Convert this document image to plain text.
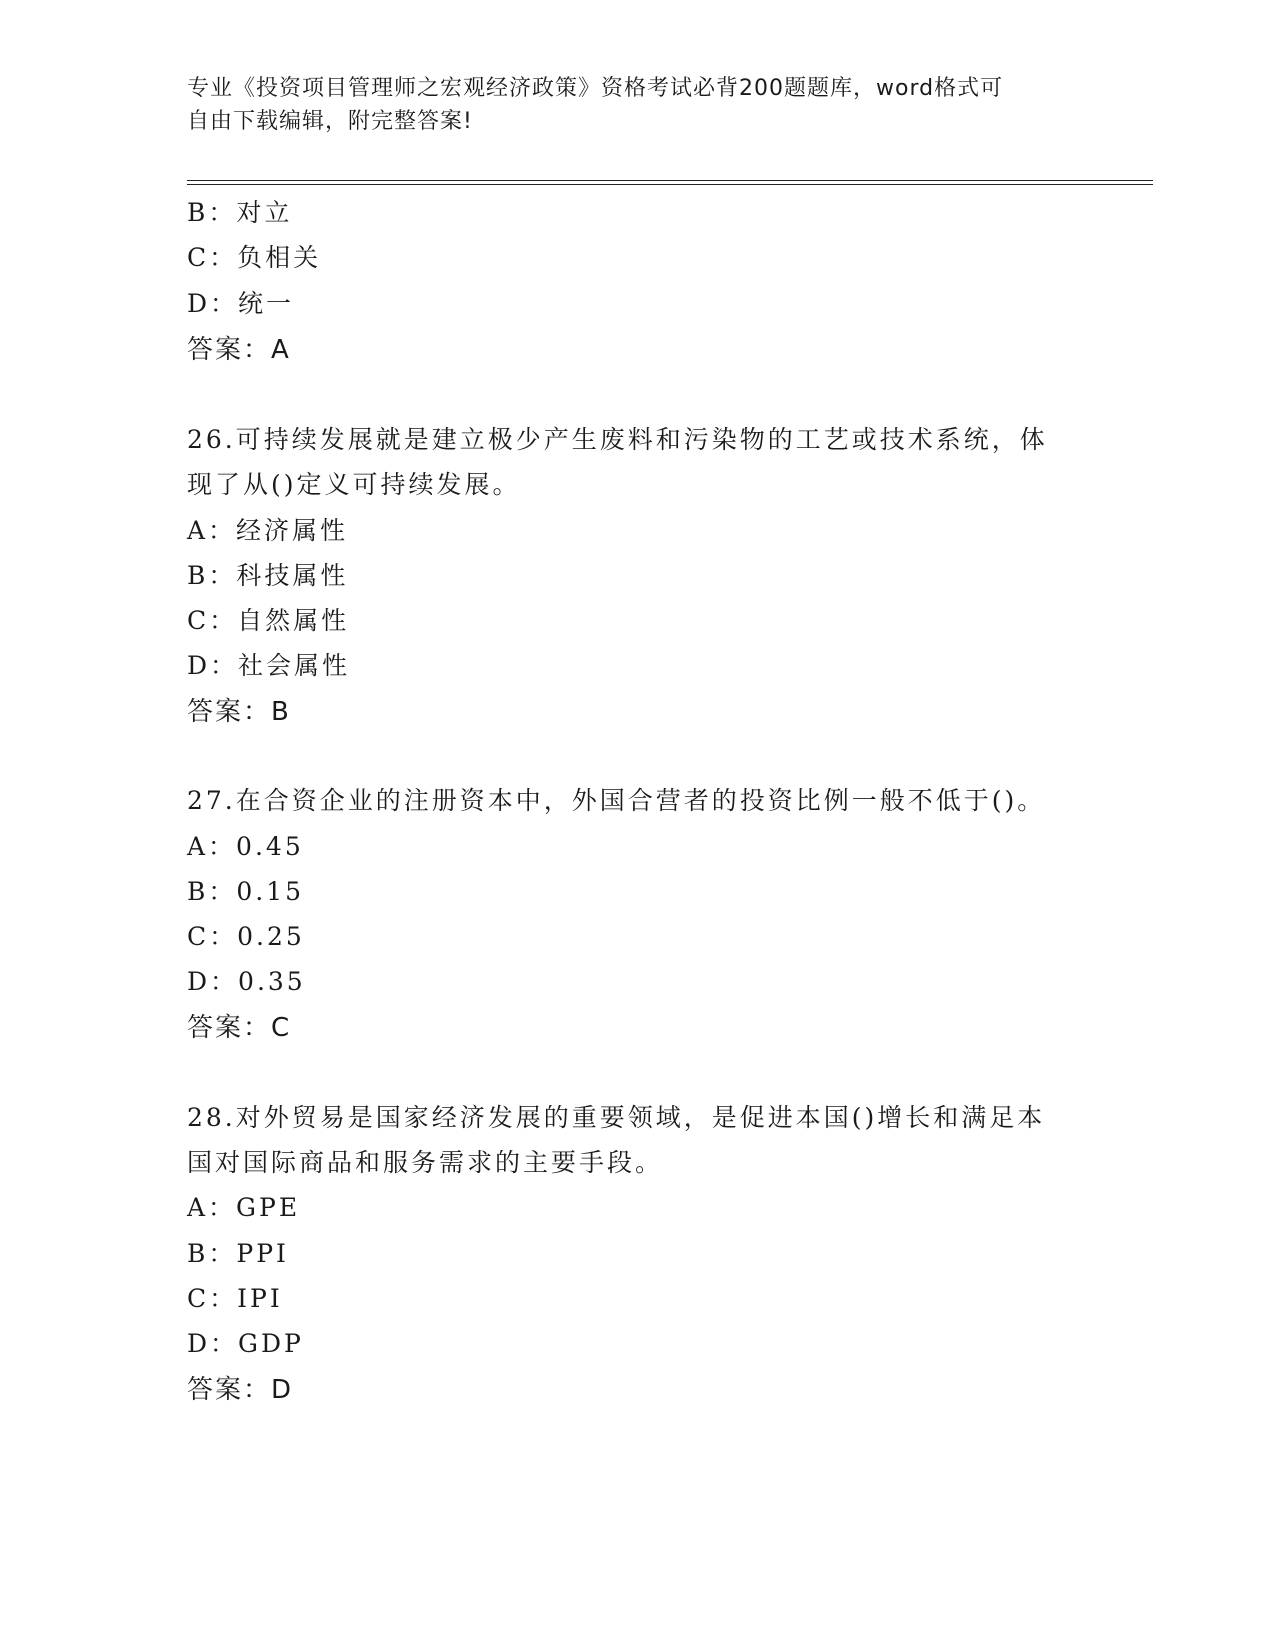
专业《投资项目管理师之宏观经济政策》资格考试必背200题题库，word格式可
自由下载编辑，附完整答案!
B：对立
C：负相关
D：统一
答案：A
26.可持续发展就是建立极少产生废料和污染物的工艺或技术系统，体
现了从()定义可持续发展。
A：经济属性
B：科技属性
C：自然属性
D：社会属性
答案：B
27.在合资企业的注册资本中，外国合营者的投资比例一般不低于()。
A：0.45
B：0.15
C：0.25
D：0.35
答案：C
28.对外贸易是国家经济发展的重要领域，是促进本国()增长和满足本
国对国际商品和服务需求的主要手段。
A：GPE
B：PPI
C：IPI
D：GDP
答案：D
